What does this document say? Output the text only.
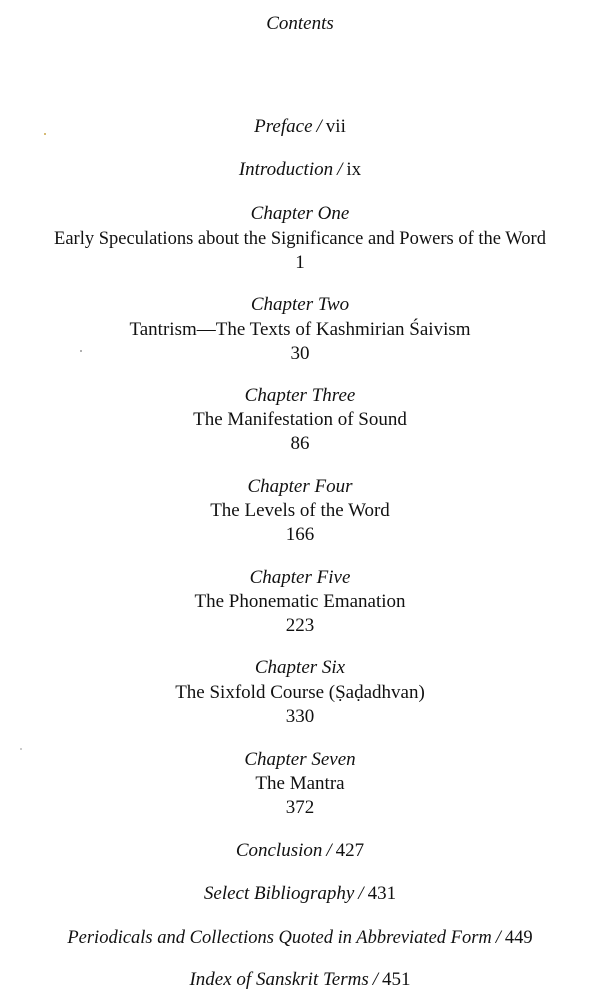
Contents
Preface / vii
Introduction / ix
Chapter One
Early Speculations about the Significance and Powers of the Word
1
Chapter Two
Tantrism—The Texts of Kashmirian Śaivism
30
Chapter Three
The Manifestation of Sound
86
Chapter Four
The Levels of the Word
166
Chapter Five
The Phonematic Emanation
223
Chapter Six
The Sixfold Course (Ṣaḍadhvan)
330
Chapter Seven
The Mantra
372
Conclusion / 427
Select Bibliography / 431
Periodicals and Collections Quoted in Abbreviated Form / 449
Index of Sanskrit Terms / 451
